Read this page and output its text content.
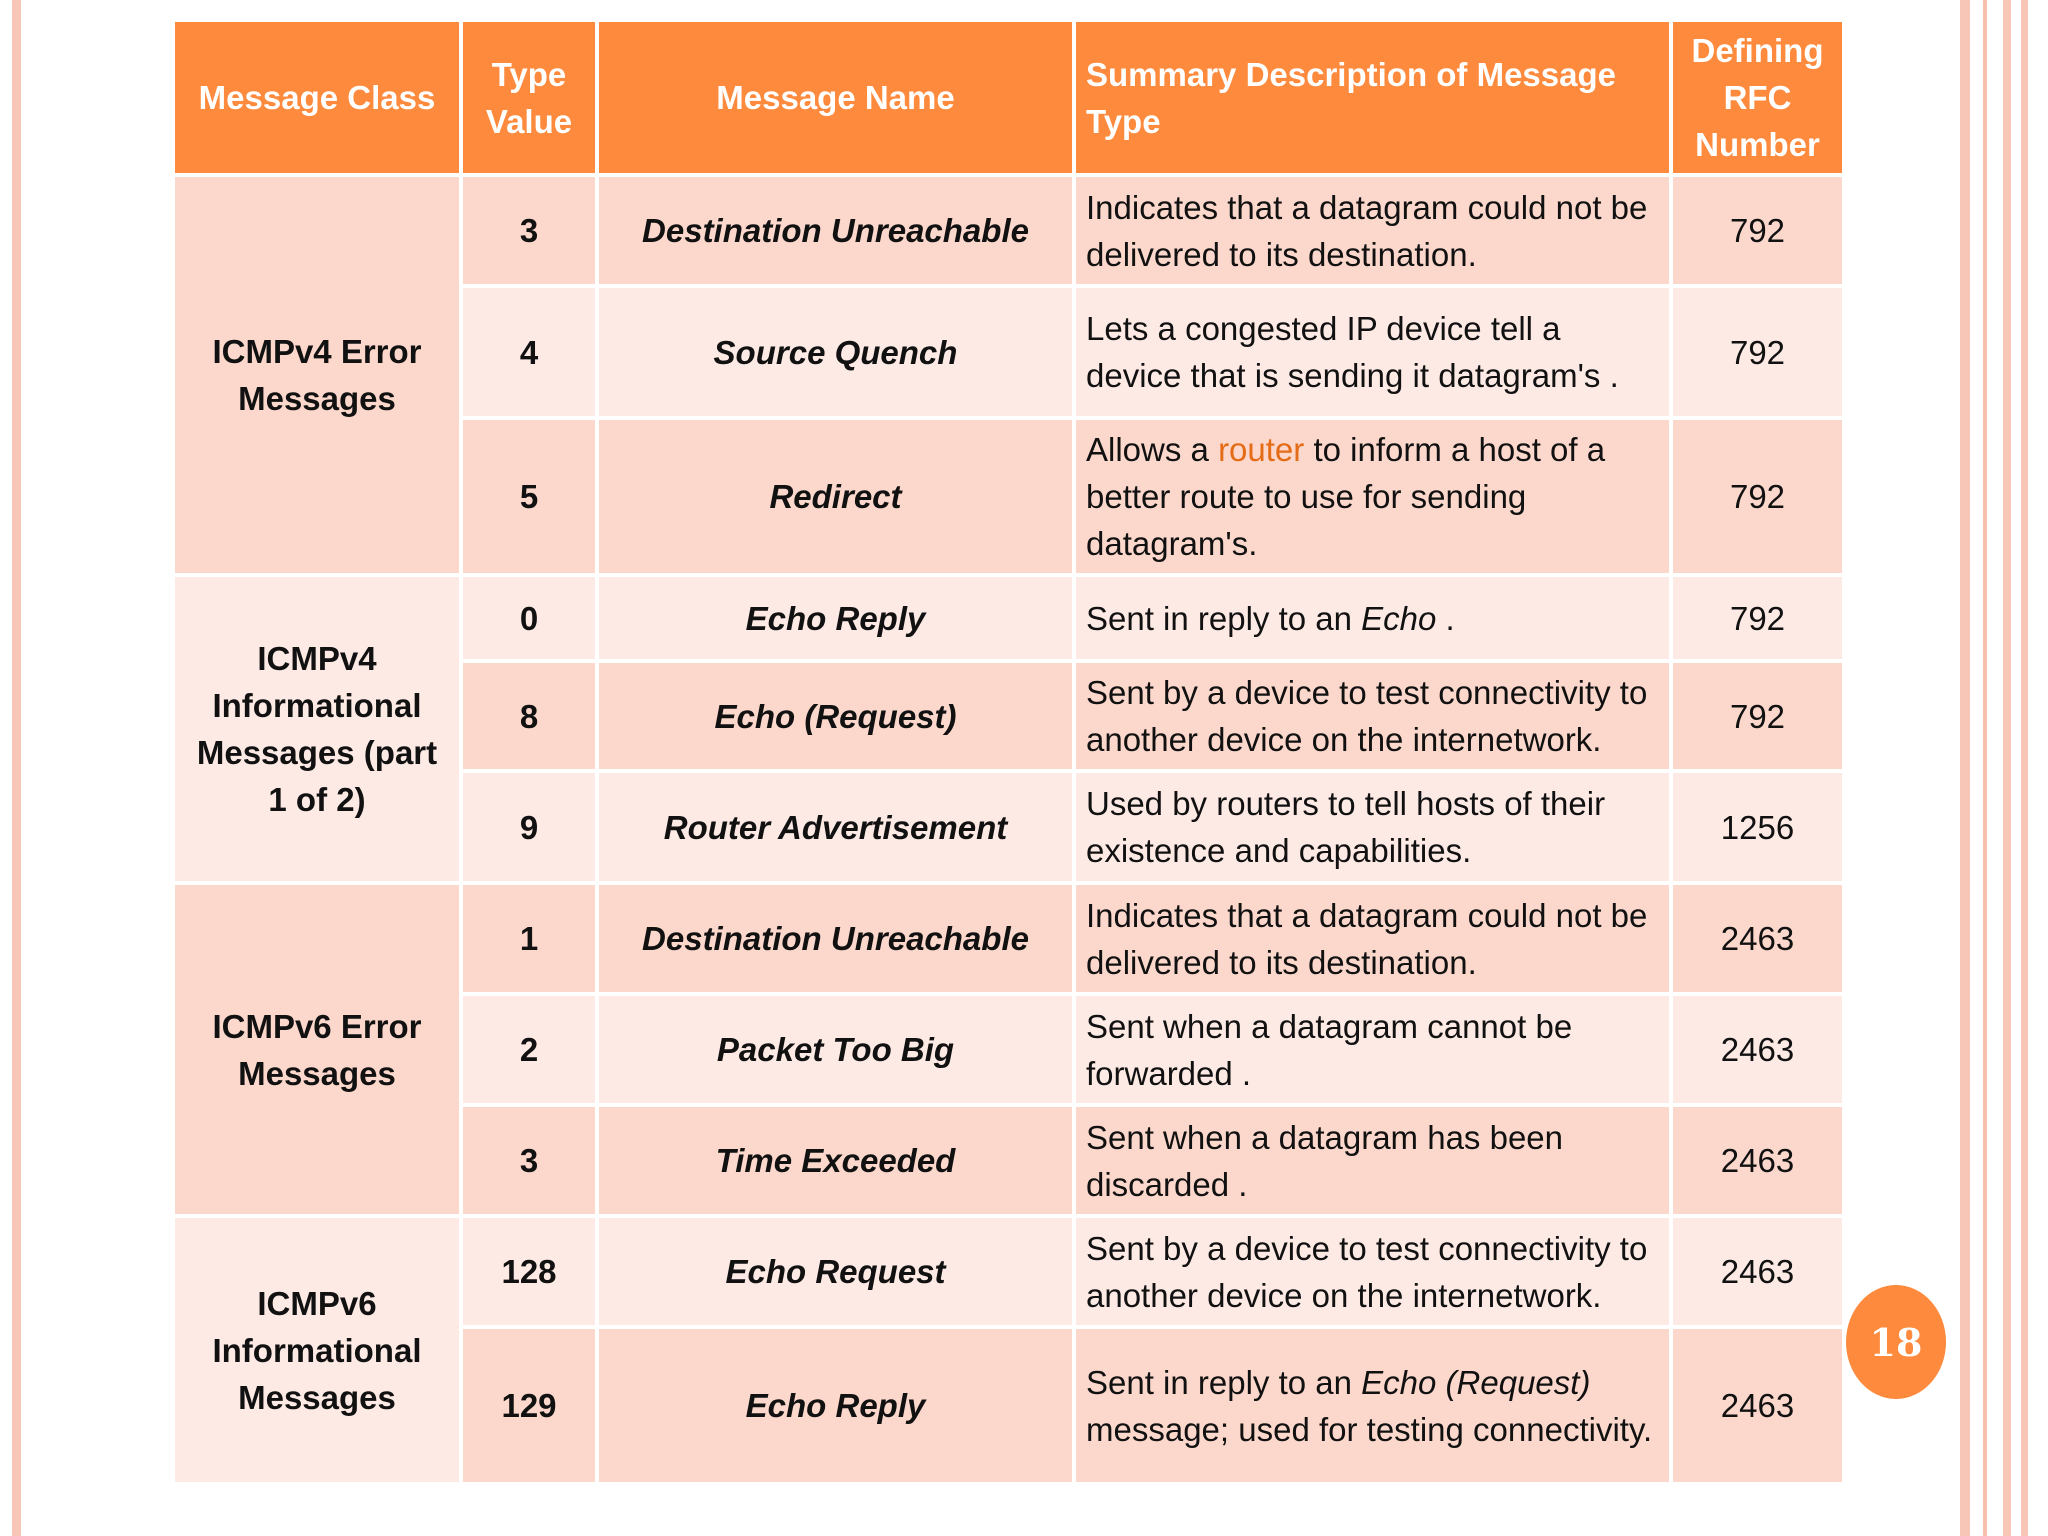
Message Class	Type Value	Message Name	Summary Description of Message Type	Defining RFC Number
ICMPv4 Error Messages	3	Destination Unreachable	Indicates that a datagram could not be delivered to its destination.	792
	4	Source Quench	Lets a congested IP device tell a device that is sending it datagram's .	792
	5	Redirect	Allows a router to inform a host of a better route to use for sending datagram's.	792
ICMPv4 Informational Messages (part 1 of 2)	0	Echo Reply	Sent in reply to an Echo .	792
	8	Echo (Request)	Sent by a device to test connectivity to another device on the internetwork.	792
	9	Router Advertisement	Used by routers to tell hosts of their existence and capabilities.	1256
ICMPv6 Error Messages	1	Destination Unreachable	Indicates that a datagram could not be delivered to its destination.	2463
	2	Packet Too Big	Sent when a datagram cannot be forwarded .	2463
	3	Time Exceeded	Sent when a datagram has been discarded .	2463
ICMPv6 Informational Messages	128	Echo Request	Sent by a device to test connectivity to another device on the internetwork.	2463
	129	Echo Reply	Sent in reply to an Echo (Request) message; used for testing connectivity.	2463
18
